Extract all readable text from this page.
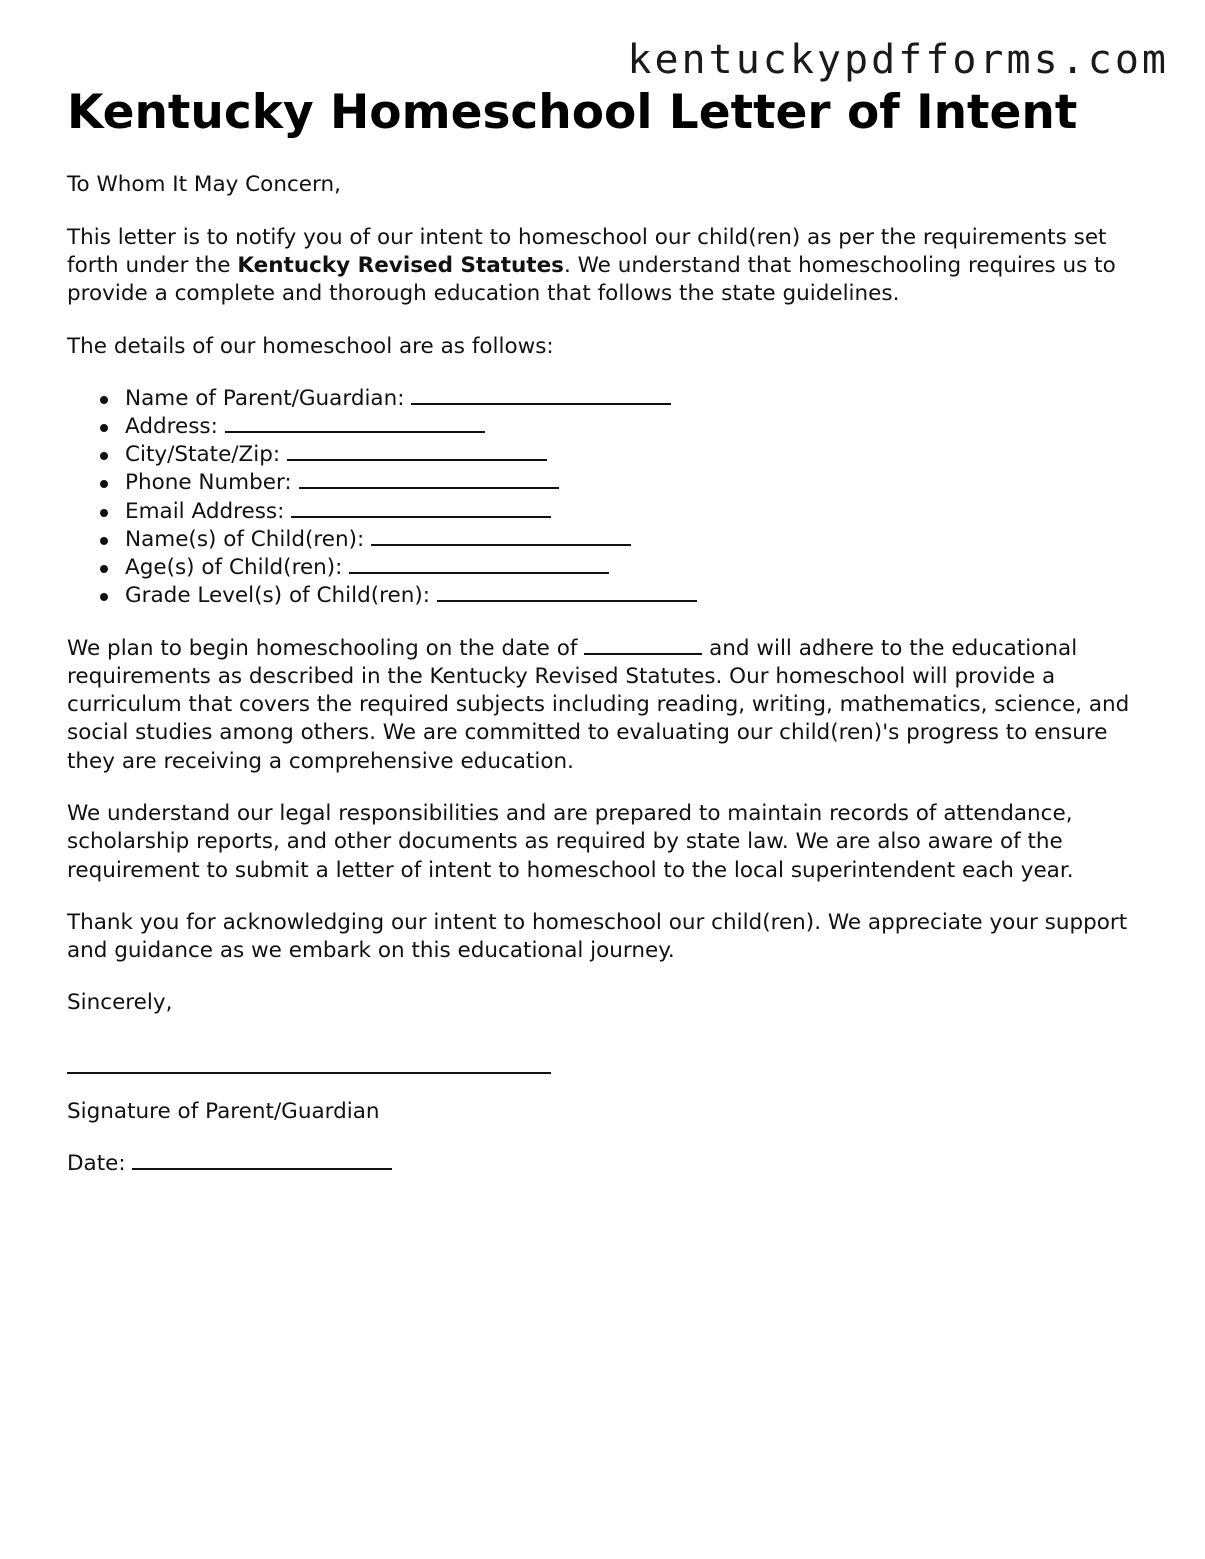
kentuckypdfforms.com
Kentucky Homeschool Letter of Intent

To Whom It May Concern,

This letter is to notify you of our intent to homeschool our child(ren) as per the requirements set forth under the Kentucky Revised Statutes. We understand that homeschooling requires us to provide a complete and thorough education that follows the state guidelines.

The details of our homeschool are as follows:

Name of Parent/Guardian:
Address:
City/State/Zip:
Phone Number:
Email Address:
Name(s) of Child(ren):
Age(s) of Child(ren):
Grade Level(s) of Child(ren):

We plan to begin homeschooling on the date of	and will adhere to the educational requirements as described in the Kentucky Revised Statutes. Our homeschool will provide a curriculum that covers the required subjects including reading, writing, mathematics, science, and social studies among others. We are committed to evaluating our child(ren)'s progress to ensure they are receiving a comprehensive education.

We understand our legal responsibilities and are prepared to maintain records of attendance, scholarship reports, and other documents as required by state law. We are also aware of the requirement to submit a letter of intent to homeschool to the local superintendent each year.

Thank you for acknowledging our intent to homeschool our child(ren). We appreciate your support and guidance as we embark on this educational journey.

Sincerely,

Signature of Parent/Guardian

Date:
